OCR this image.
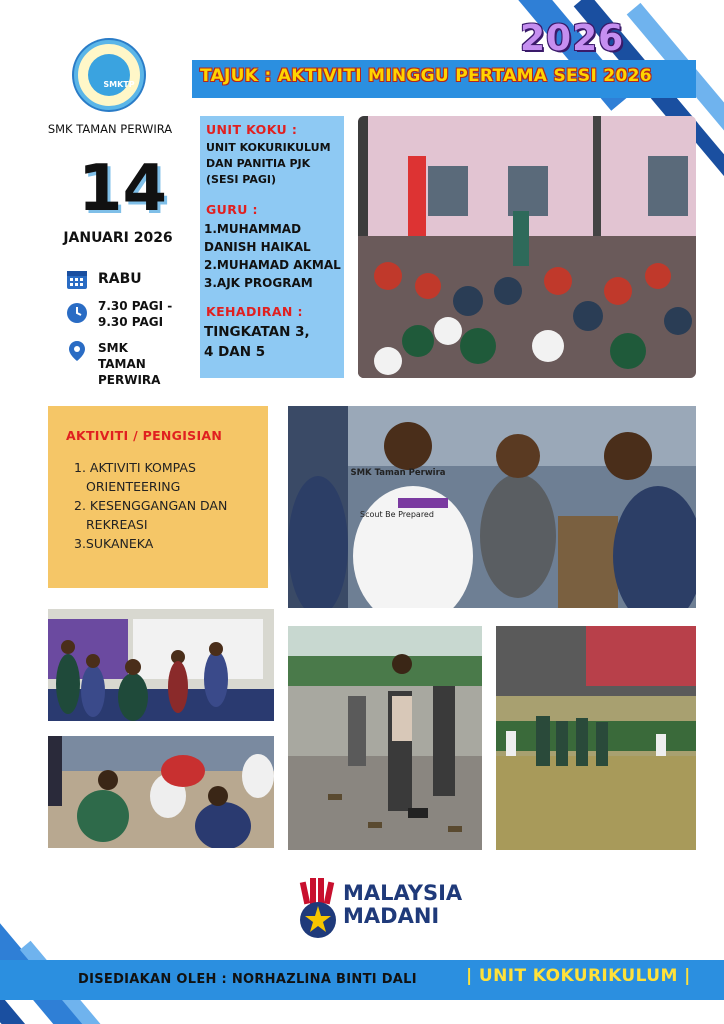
2026
TAJUK : AKTIVITI MINGGU PERTAMA SESI 2026
SMKTP
SMK TAMAN PERWIRA
14
JANUARI 2026
RABU
7.30 PAGI - 9.30 PAGI
SMK TAMAN PERWIRA
UNIT KOKU :
UNIT KOKURIKULUM
DAN PANITIA PJK
(SESI PAGI)
GURU :
1.MUHAMMAD
DANISH HAIKAL
2.MUHAMAD AKMAL
3.AJK PROGRAM
KEHADIRAN :
TINGKATAN 3,
4 DAN 5
AKTIVITI / PENGISIAN
1. AKTIVITI KOMPAS
ORIENTEERING
2. KESENGGANGAN DAN
REKREASI
3.SUKANEKA
SMK Taman Perwira
Scout Be Prepared
MALAYSIA
MADANI
DISEDIAKAN OLEH : NORHAZLINA BINTI DALI	| UNIT KOKURIKULUM |
